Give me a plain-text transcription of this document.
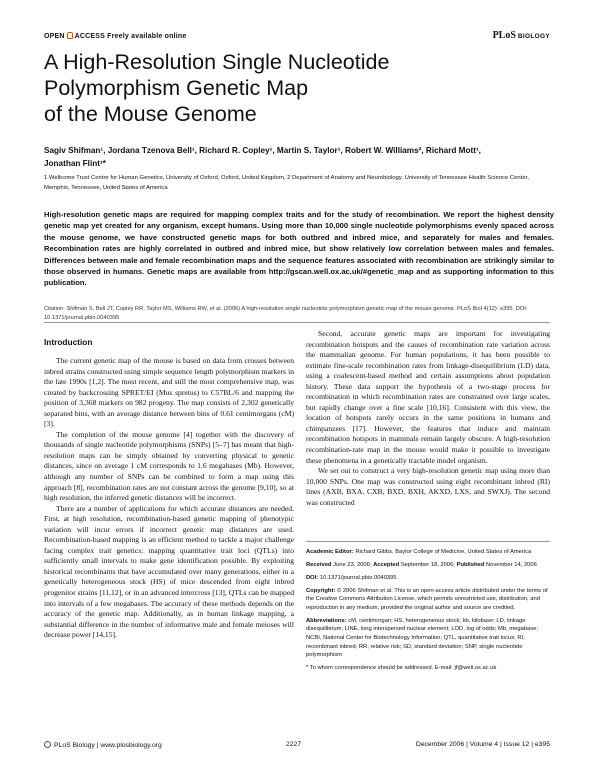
OPEN ACCESS Freely available online	PLoS BIOLOGY
A High-Resolution Single Nucleotide
Polymorphism Genetic Map
of the Mouse Genome
Sagiv Shifman¹, Jordana Tzenova Bell¹, Richard R. Copley¹, Martin S. Taylor¹, Robert W. Williams², Richard Mott¹,
Jonathan Flint¹*
1 Wellcome Trust Centre for Human Genetics, University of Oxford, Oxford, United Kingdom, 2 Department of Anatomy and Neurobiology, University of Tennessee Health Science Center, Memphis, Tennessee, United States of America
High-resolution genetic maps are required for mapping complex traits and for the study of recombination. We report the highest density genetic map yet created for any organism, except humans. Using more than 10,000 single nucleotide polymorphisms evenly spaced across the mouse genome, we have constructed genetic maps for both outbred and inbred mice, and separately for males and females. Recombination rates are highly correlated in outbred and inbred mice, but show relatively low correlation between males and females. Differences between male and female recombination maps and the sequence features associated with recombination are strikingly similar to those observed in humans. Genetic maps are available from http://gscan.well.ox.ac.uk/#genetic_map and as supporting information to this publication.
Citation: Shifman S, Bell JT, Copley RR, Taylor MS, Williams RW, et al. (2006) A high-resolution single nucleotide polymorphism genetic map of the mouse genome. PLoS Biol 4(12): e395. DOI: 10.1371/journal.pbio.0040395
Introduction

The current genetic map of the mouse is based on data from crosses between inbred strains constructed using simple sequence length polymorphism markers in the late 1990s [1,2]. The most recent, and still the most comprehensive map, was created by backcrossing SPRET/EI (Mus spretus) to C57BL/6 and mapping the position of 3,368 markers on 982 progeny. The map consists of 2,302 genetically separated bins, with an average distance between bins of 0.61 centimorgans (cM) [3].

The completion of the mouse genome [4] together with the discovery of thousands of single nucleotide polymorphisms (SNPs) [5–7] has meant that high-resolution maps can be simply obtained by converting physical to genetic distances, since on average 1 cM corresponds to 1.6 megabases (Mb). However, although any number of SNPs can be combined to form a map using this approach [8], recombination rates are not constant across the genome [9,10], so at high resolution, the inferred genetic distances will be incorrect.

There are a number of applications for which accurate distances are needed. First, at high resolution, recombination-based genetic mapping of phenotypic variation will incur errors if incorrect genetic map distances are used. Recombination-based mapping is an efficient method to tackle a major challenge facing complex trait genetics: mapping quantitative trait loci (QTLs) into sufficiently small intervals to make gene identification possible. By exploiting historical recombinants that have accumulated over many generations, either in a genetically heterogeneous stock (HS) of mice descended from eight inbred progenitor strains [11,12], or in an advanced intercross [13], QTLs can be mapped into intervals of a few megabases. The accuracy of these methods depends on the accuracy of the genetic map. Additionally, as in human linkage mapping, a substantial difference in the number of informative male and female meioses will decrease power [14,15].

Second, accurate genetic maps are important for investigating recombination hotspots and the causes of recombination rate variation across the mammalian genome. For human populations, it has been possible to estimate fine-scale recombination rates from linkage-disequilibrium (LD) data, using a coalescent-based method and certain assumptions about population history. These data support the hypothesis of a two-stage process for recombination in which recombination rates are constrained over large scales, but rapidly change over a fine scale [10,16]. Consistent with this view, the location of hotspots rarely occurs in the same positions in humans and chimpanzees [17]. However, the features that induce and maintain recombination hotspots in mammals remain largely obscure. A high-resolution recombination-rate map in the mouse would make it possible to investigate these phenomena in a genetically tractable model organism.

We set out to construct a very high-resolution genetic map using more than 10,000 SNPs. One map was constructed using eight recombinant inbred (RI) lines (AXB, BXA, CXB, BXD, BXH, AKXD, LXS, and SWXJ). The second was constructed

Academic Editor: Richard Gibbs, Baylor College of Medicine, United States of America
Received June 23, 2006; Accepted September 18, 2006; Published November 14, 2006
DOI: 10.1371/journal.pbio.0040395
Copyright: © 2006 Shifman et al. This is an open-access article distributed under the terms of the Creative Commons Attribution License, which permits unrestricted use, distribution, and reproduction in any medium, provided the original author and source are credited.
Abbreviations: cM, centimorgan; HS, heterogeneous stock; kb, kilobase; LD, linkage disequilibrium; LINE, long interspersed nuclear element; LOD, log of odds; Mb, megabase; NCBI, National Center for Biotechnology Information; QTL, quantitative trait locus; RI, recombinant inbred; RR, relative risk; SD, standard deviation; SNP, single nucleotide polymorphism
* To whom correspondence should be addressed. E-mail: jf@well.ox.ac.uk
PLoS Biology | www.plosbiology.org	2227	December 2006 | Volume 4 | Issue 12 | e395
